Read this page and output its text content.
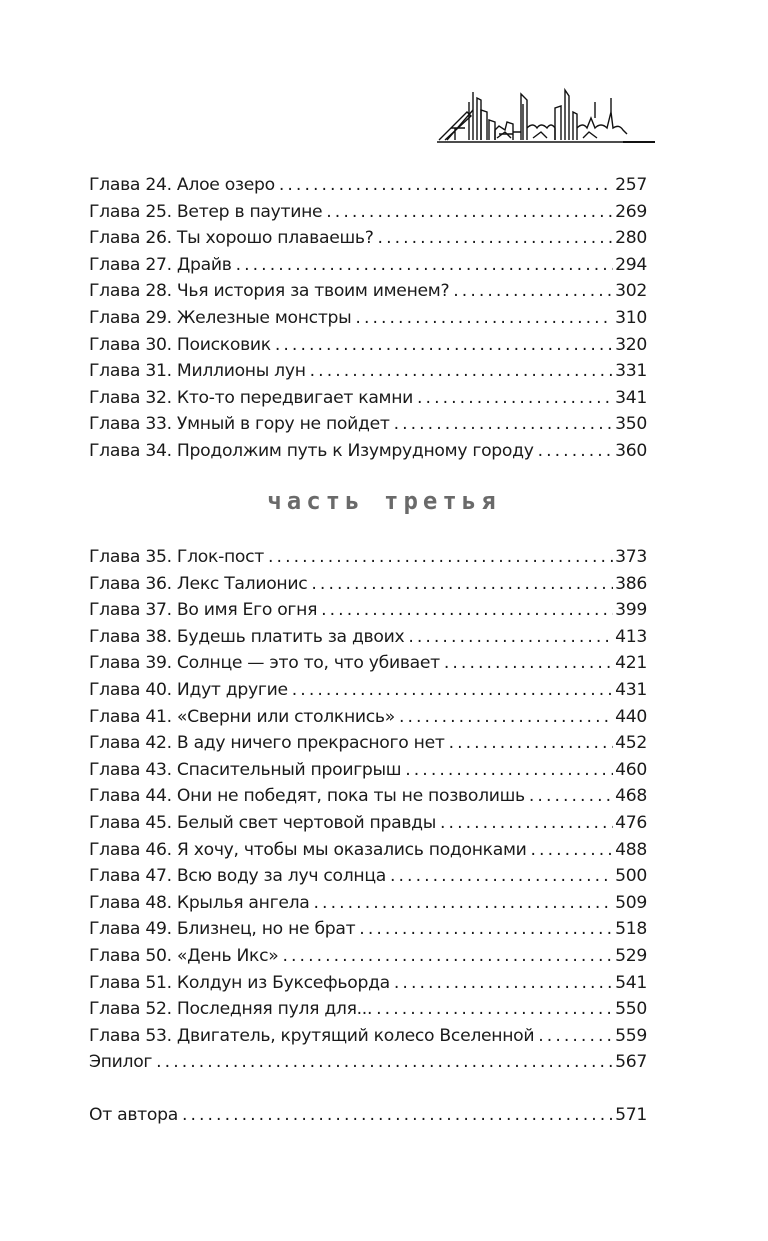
Глава 24. Алое озеро . . .	257
Глава 25. Ветер в паутине . . .	269
Глава 26. Ты хорошо плаваешь? . . .	280
Глава 27. Драйв . . .	294
Глава 28. Чья история за твоим именем? . . .	302
Глава 29. Железные монстры . . .	310
Глава 30. Поисковик . . .	320
Глава 31. Миллионы лун . . .	331
Глава 32. Кто-то передвигает камни . . .	341
Глава 33. Умный в гору не пойдет . . .	350
Глава 34. Продолжим путь к Изумрудному городу . . .	360
часть третья
Глава 35. Глок-пост . . .	373
Глава 36. Лекс Талионис . . .	386
Глава 37. Во имя Его огня . . .	399
Глава 38. Будешь платить за двоих . . .	413
Глава 39. Солнце — это то, что убивает . . .	421
Глава 40. Идут другие . . .	431
Глава 41. «Сверни или столкнись» . . .	440
Глава 42. В аду ничего прекрасного нет . . .	452
Глава 43. Спасительный проигрыш . . .	460
Глава 44. Они не победят, пока ты не позволишь . . .	468
Глава 45. Белый свет чертовой правды . . .	476
Глава 46. Я хочу, чтобы мы оказались подонками . . .	488
Глава 47. Всю воду за луч солнца . . .	500
Глава 48. Крылья ангела . . .	509
Глава 49. Близнец, но не брат . . .	518
Глава 50. «День Икс» . . .	529
Глава 51. Колдун из Буксефьорда . . .	541
Глава 52. Последняя пуля для... . . .	550
Глава 53. Двигатель, крутящий колесо Вселенной . . .	559
Эпилог . . .	567
От автора . . .	571
